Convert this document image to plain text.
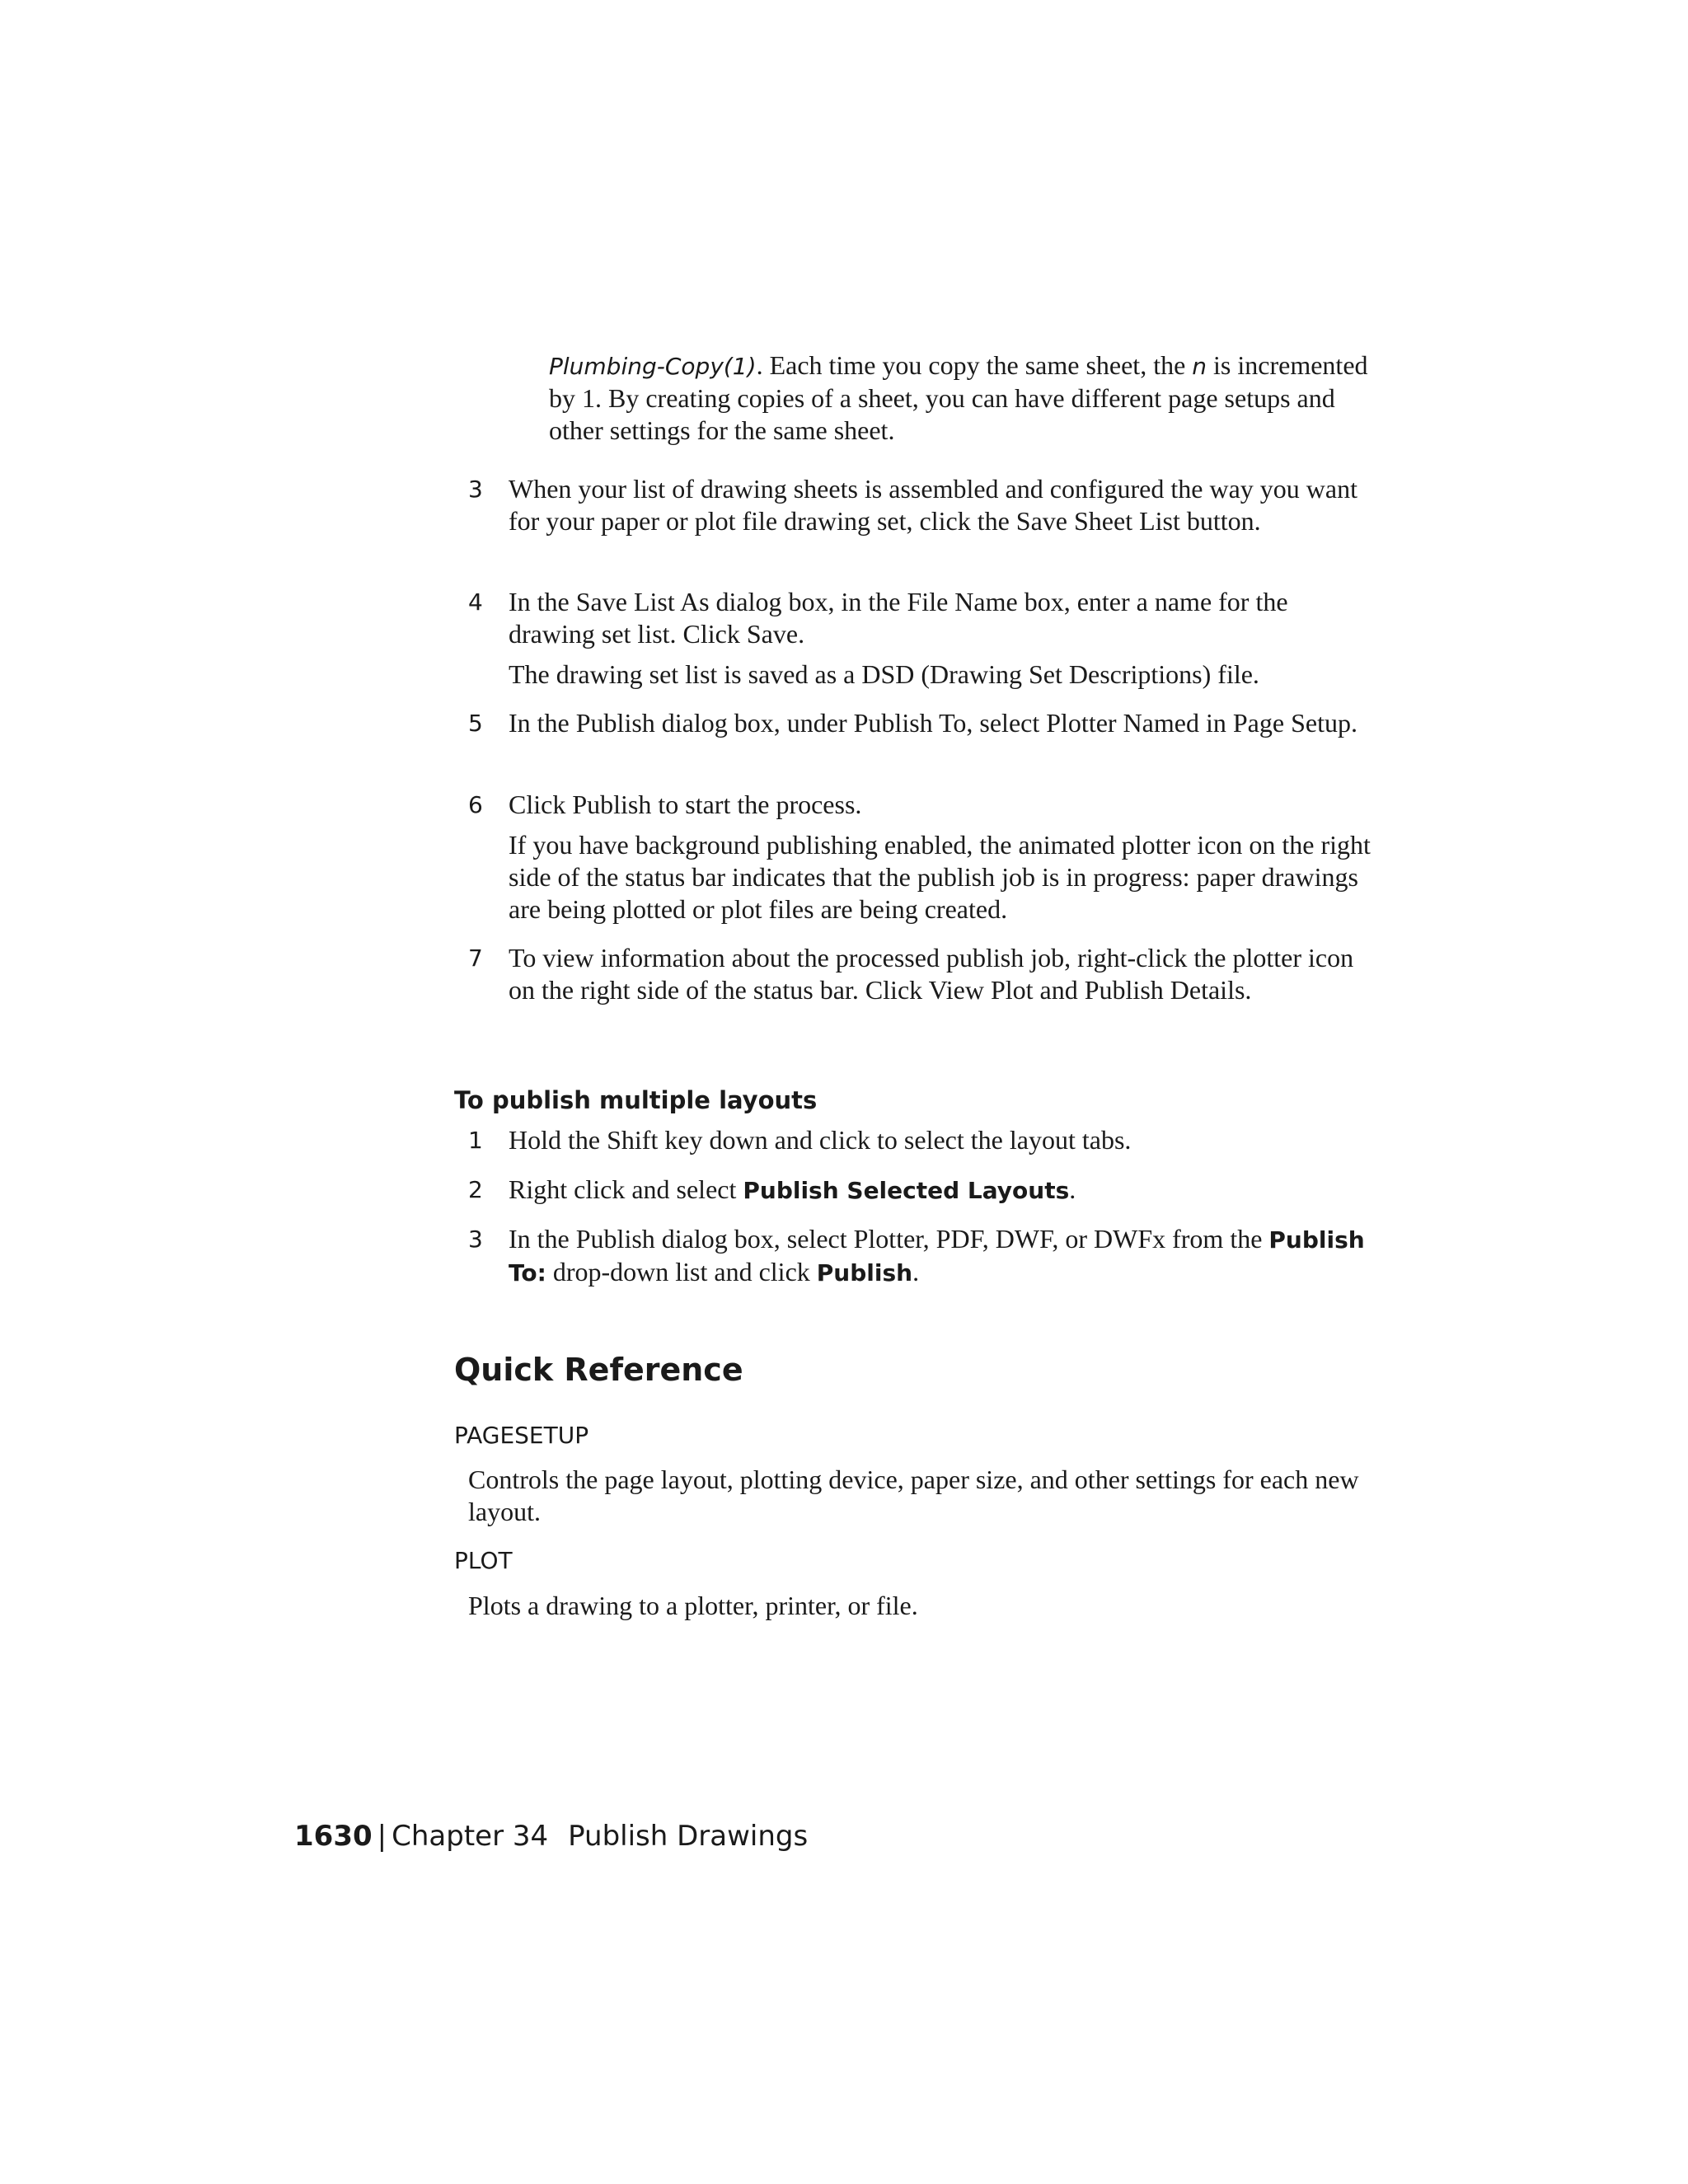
Plumbing-Copy(1). Each time you copy the same sheet, the n is incremented by 1. By creating copies of a sheet, you can have different page setups and other settings for the same sheet.
3 When your list of drawing sheets is assembled and configured the way you want for your paper or plot file drawing set, click the Save Sheet List button.
4 In the Save List As dialog box, in the File Name box, enter a name for the drawing set list. Click Save.
The drawing set list is saved as a DSD (Drawing Set Descriptions) file.
5 In the Publish dialog box, under Publish To, select Plotter Named in Page Setup.
6 Click Publish to start the process.
If you have background publishing enabled, the animated plotter icon on the right side of the status bar indicates that the publish job is in progress: paper drawings are being plotted or plot files are being created.
7 To view information about the processed publish job, right-click the plotter icon on the right side of the status bar. Click View Plot and Publish Details.
To publish multiple layouts
1 Hold the Shift key down and click to select the layout tabs.
2 Right click and select Publish Selected Layouts.
3 In the Publish dialog box, select Plotter, PDF, DWF, or DWFx from the Publish To: drop-down list and click Publish.
Quick Reference
PAGESETUP
Controls the page layout, plotting device, paper size, and other settings for each new layout.
PLOT
Plots a drawing to a plotter, printer, or file.
1630 | Chapter 34 Publish Drawings
